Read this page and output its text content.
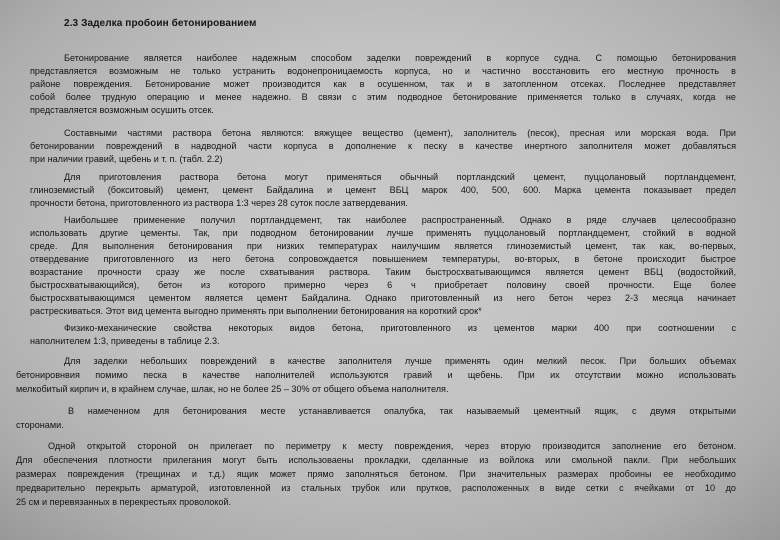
2.3 Заделка пробоин бетонированием

Бетонирование является наиболее надежным способом заделки повреждений в корпусе судна. С помощью бетонирования

представляется возможным не только устранить водонепроницаемость корпуса, но и частично восстановить его местную прочность в

районе повреждения. Бетонирование может производится как в осушенном, так и в затопленном отсеках. Последнее представляет

собой более трудную операцию и менее надежно. В связи с этим подводное бетонирование применяется только в случаях, когда не

представляется возможным осушить отсек.

Составными частями раствора бетона являются: вяжущее вещество (цемент), заполнитель (песок), пресная или морская вода. При

бетонировании повреждений в надводной части корпуса в дополнение к песку в качестве инертного заполнителя может добавляться

при наличии гравий, щебень и т. п. (табл. 2.2)

Для приготовления раствора бетона могут применяться обычный портландский цемент, пуццолановый портландцемент,

глиноземистый (бокситовый) цемент, цемент Байдалина и цемент ВБЦ марок 400, 500, 600. Марка цемента показывает предел

прочности бетона, приготовленного из раствора 1:3 через 28 суток после затвердевания.

Наибольшее применение получил портландцемент, так наиболее распространенный. Однако в ряде случаев целесообразно

использовать другие цементы. Так, при подводном бетонировании лучше применять пуццолановый портландцемент, стойкий в водной

среде. Для выполнения бетонирования при низких температурах наилучшим является глиноземистый цемент, так как, во-первых,

отвердевание приготовленного из него бетона сопровождается повышением температуры, во-вторых, в бетоне происходит быстрое

возрастание прочности сразу же после схватывания раствора. Таким быстросхватывающимся является цемент ВБЦ (водостойкий,

быстросхватывающийся), бетон из которого примерно через 6 ч приобретает половину своей прочности. Еще более

быстросхватывающимся цементом является цемент Байдалина. Однако приготовленный из него бетон через 2-3 месяца начинает

растрескиваться. Этот вид цемента выгодно применять при выполнении бетонирования на короткий срок*

Физико-механические свойства некоторых видов бетона, приготовленного из цементов марки 400 при соотношении с

наполнителем 1:3, приведены в таблице 2.3.

Для заделки небольших повреждений в качестве заполнителя лучше применять один мелкий песок. При больших объемах

бетонировнвия помимо песка в качестве наполнителей используются гравий и щебень. При их отсутствии можно использовать

мелкобитый кирпич и, в крайнем случае, шлак, но не более 25 – 30% от общего объема наполнителя.

В намеченном для бетонирования месте устанавливается опалубка, так называемый цементный ящик, с двумя открытыми

сторонами.

Одной открытой стороной он прилегает по периметру к месту повреждения, через вторую производится заполнение его бетоном.

Для обеспечения плотности прилегания могут быть использоваены прокладки, сделанные из войлока или смольной пакли. При небольших

размерах повреждения (трещинах и т.д.) ящик может прямо заполняться бетоном. При значительных размерах пробоины ее необходимо

предварительно перекрыть арматурой, изготовленной из стальных трубок или прутков, расположенных в виде сетки с ячейками от 10 до

25 см и перевязанных в перекрестьях проволокой.
